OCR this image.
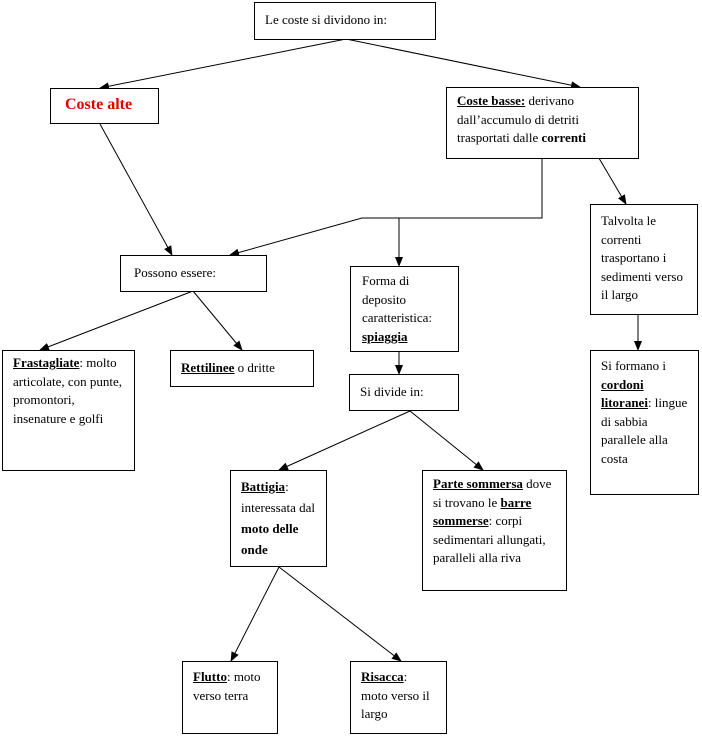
Le coste si dividono in:
Coste alte	Coste basse: derivano dall’accumulo di detriti trasportati dalle correnti
Possono essere:
Forma di deposito caratteristica: spiaggia
Talvolta le correnti trasportano i sedimenti verso il largo
Frastagliate: molto articolate, con punte, promontori, insenature e golfi
Rettilinee o dritte
Si divide in:
Si formano i cordoni litoranei: lingue di sabbia parallele alla costa
Battigia: interessata dal moto delle onde
Parte sommersa dove si trovano le barre sommerse: corpi sedimentari allungati, paralleli alla riva
Flutto: moto verso terra
Risacca: moto verso il largo
